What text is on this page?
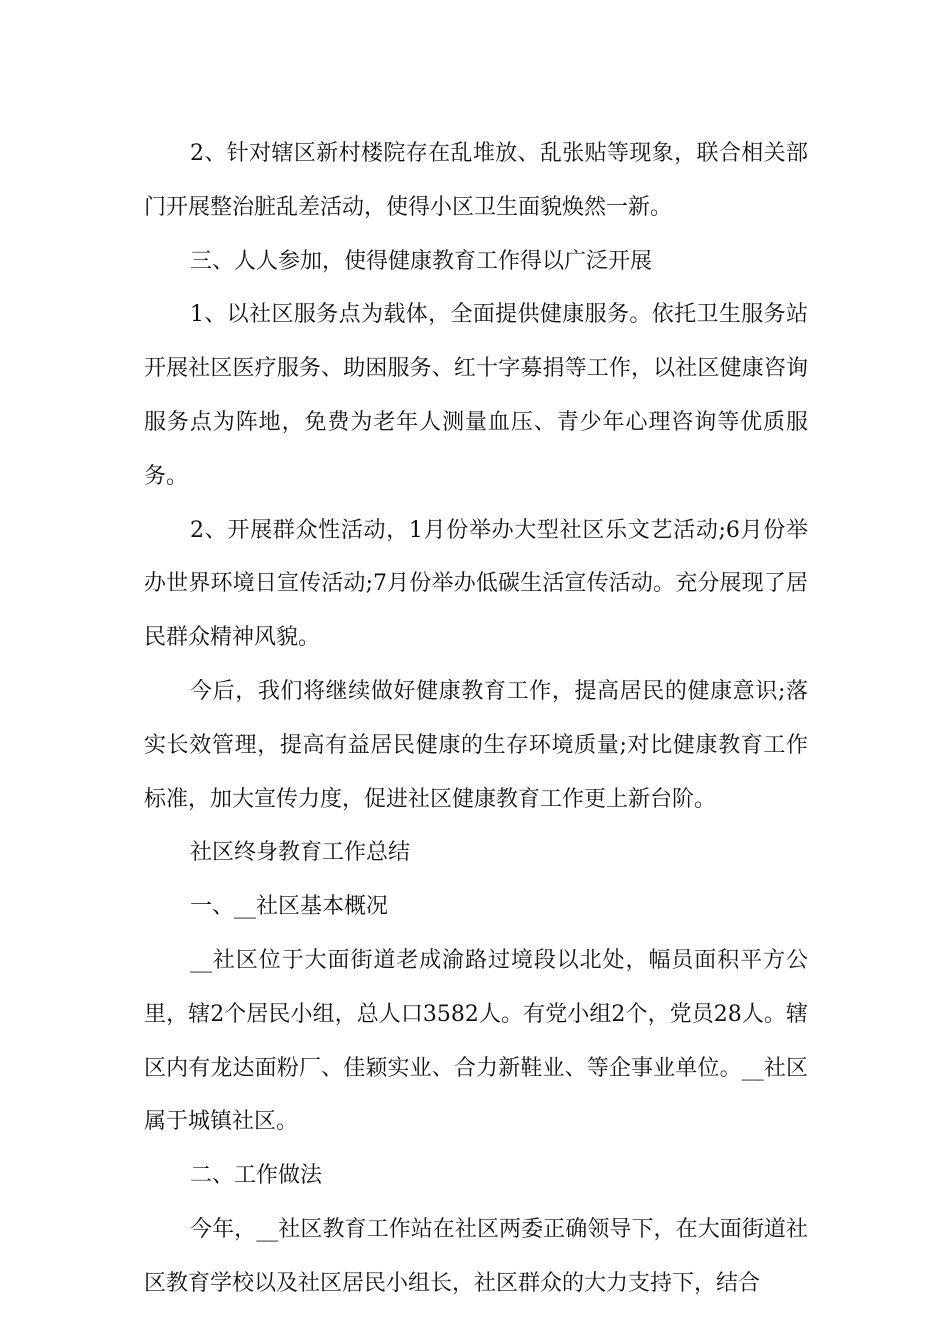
2、针对辖区新村楼院存在乱堆放、乱张贴等现象，联合相关部门开展整治脏乱差活动，使得小区卫生面貌焕然一新。

三、人人参加，使得健康教育工作得以广泛开展

1、以社区服务点为载体，全面提供健康服务。依托卫生服务站开展社区医疗服务、助困服务、红十字募捐等工作，以社区健康咨询服务点为阵地，免费为老年人测量血压、青少年心理咨询等优质服务。

2、开展群众性活动，1月份举办大型社区乐文艺活动;6月份举办世界环境日宣传活动;7月份举办低碳生活宣传活动。充分展现了居民群众精神风貌。

今后，我们将继续做好健康教育工作，提高居民的健康意识;落实长效管理，提高有益居民健康的生存环境质量;对比健康教育工作标准，加大宣传力度，促进社区健康教育工作更上新台阶。

社区终身教育工作总结

一、__社区基本概况

__社区位于大面街道老成渝路过境段以北处，幅员面积平方公里，辖2个居民小组，总人口3582人。有党小组2个，党员28人。辖区内有龙达面粉厂、佳颖实业、合力新鞋业、等企事业单位。__社区属于城镇社区。

二、工作做法

今年，__社区教育工作站在社区两委正确领导下，在大面街道社区教育学校以及社区居民小组长，社区群众的大力支持下，结合
